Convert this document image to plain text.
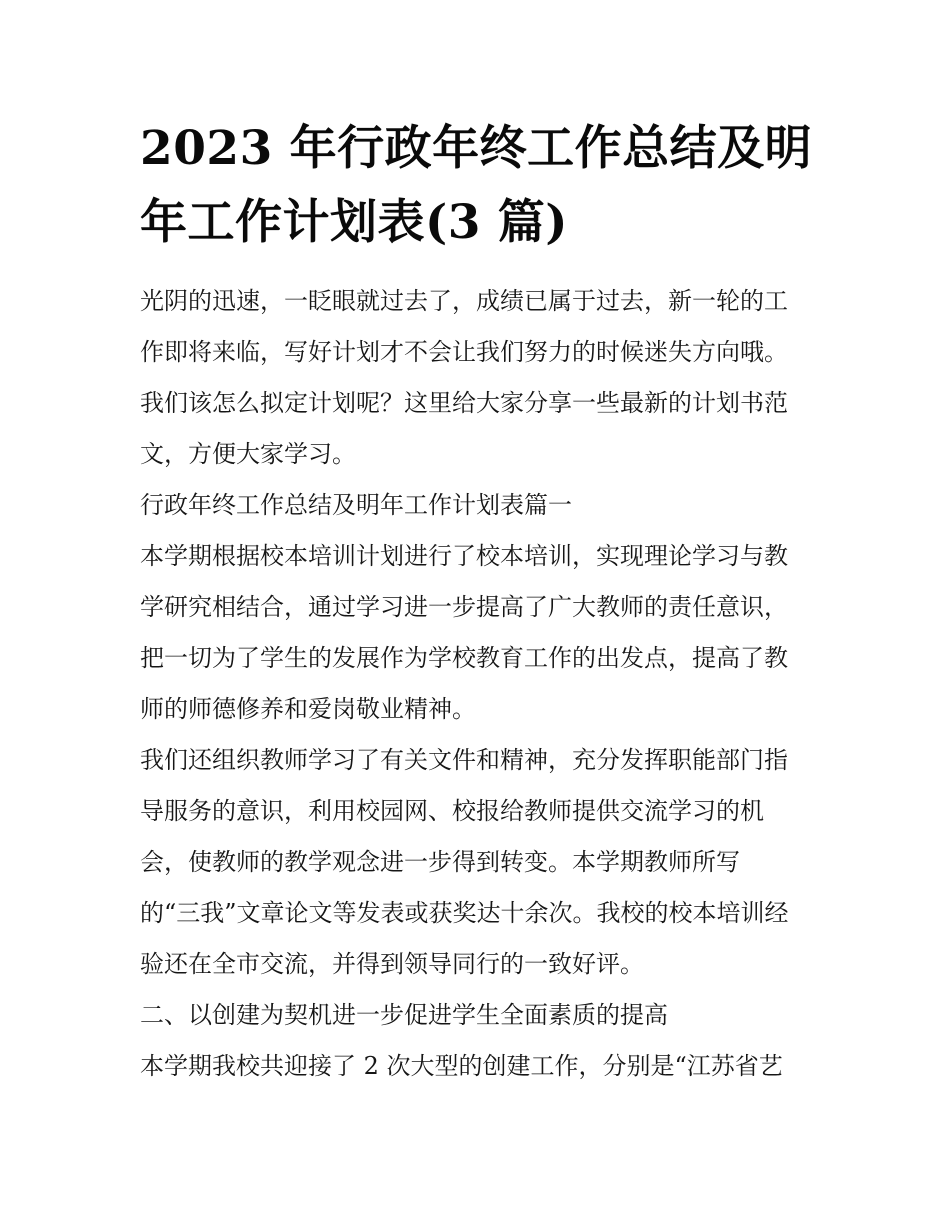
2023 年行政年终工作总结及明
年工作计划表(3 篇)
光阴的迅速，一眨眼就过去了，成绩已属于过去，新一轮的工
作即将来临，写好计划才不会让我们努力的时候迷失方向哦。
我们该怎么拟定计划呢？这里给大家分享一些最新的计划书范
文，方便大家学习。
行政年终工作总结及明年工作计划表篇一
本学期根据校本培训计划进行了校本培训，实现理论学习与教
学研究相结合，通过学习进一步提高了广大教师的责任意识，
把一切为了学生的发展作为学校教育工作的出发点，提高了教
师的师德修养和爱岗敬业精神。
我们还组织教师学习了有关文件和精神，充分发挥职能部门指
导服务的意识，利用校园网、校报给教师提供交流学习的机
会，使教师的教学观念进一步得到转变。本学期教师所写
的“三我”文章论文等发表或获奖达十余次。我校的校本培训经
验还在全市交流，并得到领导同行的一致好评。
二、以创建为契机进一步促进学生全面素质的提高
本学期我校共迎接了 2 次大型的创建工作，分别是“江苏省艺
